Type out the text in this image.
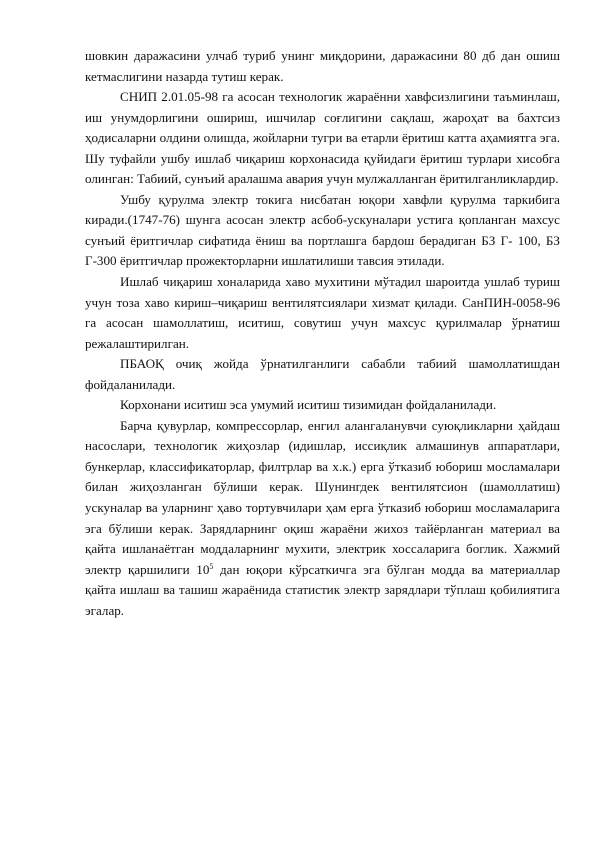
шовкин даражасини улчаб туриб унинг миқдорини, даражасини 80 дб дан ошиш кетмаслигини назарда тутиш керак.

СНИП 2.01.05-98 га асосан технологик жараённи хавфсизлигини таъминлаш, иш унумдорлигини ошириш, ишчилар соғлигини сақлаш, жароҳат ва бахтсиз ҳодисаларни олдини олишда, жойларни тугри ва етарли ёритиш катта аҳамиятга эга. Шу туфайли ушбу ишлаб чиқариш корхонасида қуйидаги ёритиш турлари хисобга олинган: Табиий, сунъий аралашма авария учун мулжалланган ёритилганликлардир.

Ушбу қурулма электр токига нисбатан юқори хавфли қурулма таркибига киради.(1747-76) шунга асосан электр асбоб-ускуналари устига қопланган махсус сунъий ёритгичлар сифатида ёниш ва портлашга бардош берадиган БЗ Г- 100, БЗ Г-300 ёритгичлар прожекторларни ишлатилиши тавсия этилади.

Ишлаб чиқариш хоналарида хаво мухитини мўтадил шароитда ушлаб туриш учун тоза хаво кириш–чиқариш вентилятсиялари хизмат қилади. СанПИН-0058-96 га асосан шамоллатиш, иситиш, совутиш учун махсус қурилмалар ўрнатиш режалаштирилган.

ПБАОҚ очиқ жойда ўрнатилганлиги сабабли табиий шамоллатишдан фойдаланилади.

Корхонани иситиш эса умумий иситиш тизимидан фойдаланилади.

Барча қувурлар, компрессорлар, енгил алангаланувчи суюқликларни ҳайдаш насослари, технологик жиҳозлар (идишлар, иссиқлик алмашинув аппаратлари, бункерлар, классификаторлар, филтрлар ва х.к.) ерга ўтказиб юбориш мосламалари билан жиҳозланган бўлиши керак. Шунингдек вентилятсион (шамоллатиш) ускуналар ва уларнинг ҳаво тортувчилари ҳам ерга ўтказиб юбориш мосламаларига эга бўлиши керак. Зарядларнинг оқиш жараёни жихоз тайёрланган материал ва қайта ишланаётган моддаларнинг мухити, электрик хоссаларига боглик. Хажмий электр қаршилиги $10^5$ дан юқори кўрсаткичга эга бўлган модда ва материаллар қайта ишлаш ва ташиш жараёнида статистик электр зарядлари тўплаш қобилиятига эгалар.
